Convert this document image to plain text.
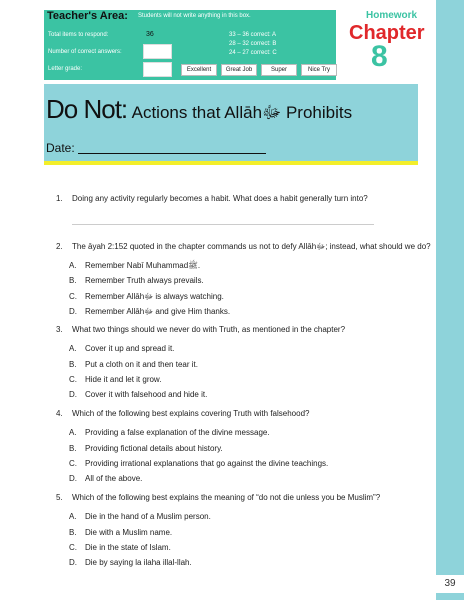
39
Teacher's Area: Students will not write anything in this box.
Total items to respond:	36
Number of correct answers:
Letter grade:
33 – 36 correct: A
28 – 32 correct: B
24 – 27 correct: C
Excellent	Great Job	Super	Nice Try
Homework
Chapter
8
Do Not: Actions that Allāhﷻ Prohibits
Date:
1. Doing any activity regularly becomes a habit. What does a habit generally turn into?
2. The āyah 2:152 quoted in the chapter commands us not to defy Allāhﷻ; instead, what should we do?
A. Remember Nabī Muhammadﷺ.
B. Remember Truth always prevails.
C. Remember Allāhﷻ is always watching.
D. Remember Allāhﷻ and give Him thanks.
3. What two things should we never do with Truth, as mentioned in the chapter?
A. Cover it up and spread it.
B. Put a cloth on it and then tear it.
C. Hide it and let it grow.
D. Cover it with falsehood and hide it.
4. Which of the following best explains covering Truth with falsehood?
A. Providing a false explanation of the divine message.
B. Providing fictional details about history.
C. Providing irrational explanations that go against the divine teachings.
D. All of the above.
5. Which of the following best explains the meaning of “do not die unless you be Muslim”?
A. Die in the hand of a Muslim person.
B. Die with a Muslim name.
C. Die in the state of Islam.
D. Die by saying la ilaha illal-llah.
